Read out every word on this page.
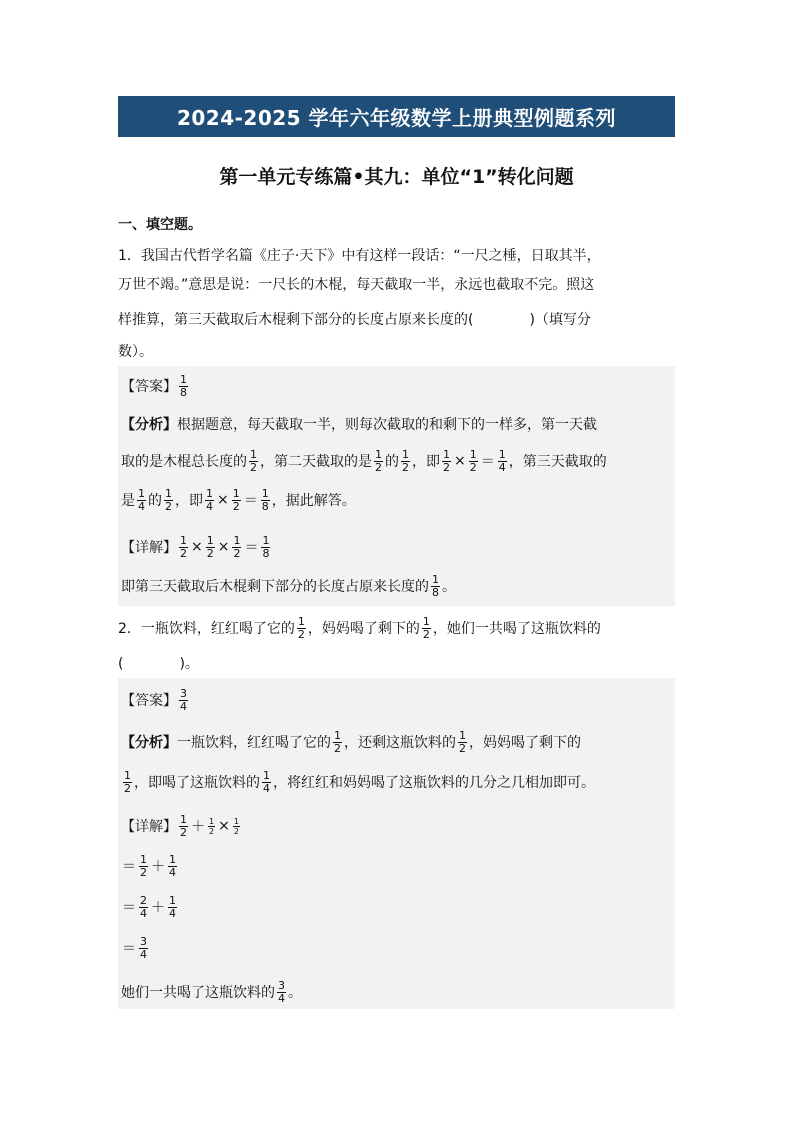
2024-2025 学年六年级数学上册典型例题系列
第一单元专练篇•其九：单位“1”转化问题
一、填空题。
1．我国古代哲学名篇《庄子·天下》中有这样一段话：“一尺之棰，日取其半，
万世不竭。”意思是说：一尺长的木棍，每天截取一半，永远也截取不完。照这
样推算，第三天截取后木棍剩下部分的长度占原来长度的(　　　　)（填写分
数）。
【答案】 $\frac{1}{8}$
【分析】 根据题意，每天截取一半，则每次截取的和剩下的一样多，第一天截
取的是木棍总长度的 $\frac{1}{2}$ ，第二天截取的是 $\frac{1}{2}$ 的 $\frac{1}{2}$ ，即 $\frac{1}{2} \times \frac{1}{2} = \frac{1}{4}$ ，第三天截取的
是 $\frac{1}{4}$ 的 $\frac{1}{2}$ ，即 $\frac{1}{4} \times \frac{1}{2} = \frac{1}{8}$ ，据此解答。
【详解】 $\frac{1}{2} \times \frac{1}{2} \times \frac{1}{2} = \frac{1}{8}$
即第三天截取后木棍剩下部分的长度占原来长度的 $\frac{1}{8}$ 。
2．一瓶饮料，红红喝了它的 $\frac{1}{2}$ ，妈妈喝了剩下的 $\frac{1}{2}$ ，她们一共喝了这瓶饮料的
(　　　　)。
【答案】 $\frac{3}{4}$
【分析】 一瓶饮料，红红喝了它的 $\frac{1}{2}$ ，还剩这瓶饮料的 $\frac{1}{2}$ ，妈妈喝了剩下的
$\frac{1}{2}$ ，即喝了这瓶饮料的 $\frac{1}{4}$ ，将红红和妈妈喝了这瓶饮料的几分之几相加即可。
【详解】 $\frac{1}{2} + \frac{1}{2} \times \frac{1}{2}$
＝ $\frac{1}{2} + \frac{1}{4}$
＝ $\frac{2}{4} + \frac{1}{4}$
＝ $\frac{3}{4}$
她们一共喝了这瓶饮料的 $\frac{3}{4}$ 。
